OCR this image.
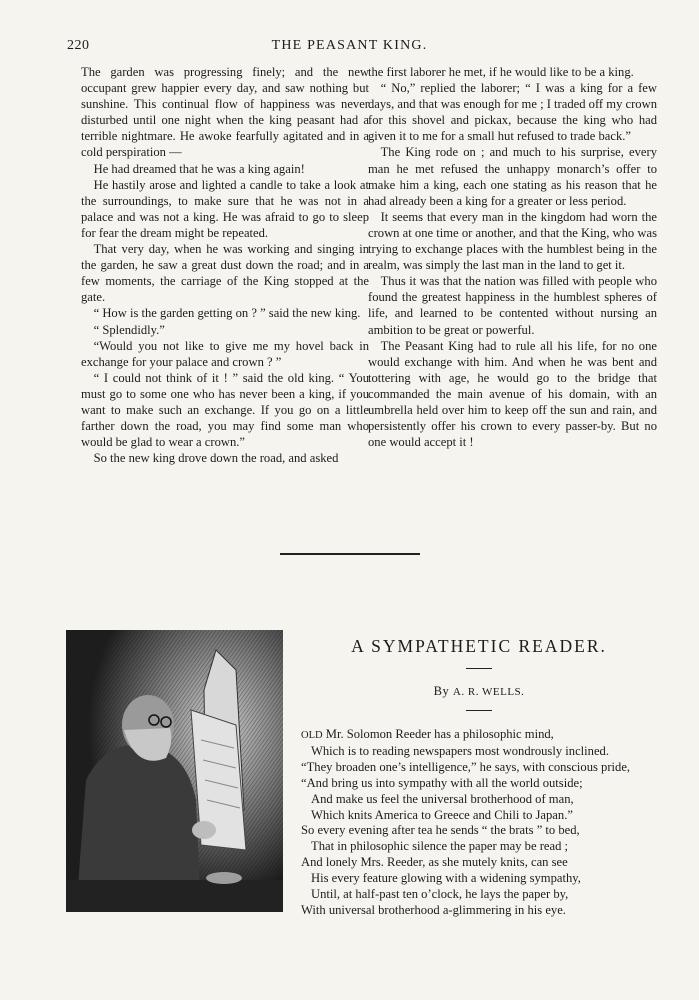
220	THE PEASANT KING.

The garden was progressing finely; and the new occupant grew happier every day, and saw nothing but sunshine. This continual flow of happiness was never disturbed until one night when the king peasant had a terrible nightmare. He awoke fearfully agitated and in a cold perspiration —

He had dreamed that he was a king again!

He hastily arose and lighted a candle to take a look at the surroundings, to make sure that he was not in a palace and was not a king. He was afraid to go to sleep for fear the dream might be repeated.

That very day, when he was working and singing in the garden, he saw a great dust down the road; and in a few moments, the carriage of the King stopped at the gate.

“ How is the garden getting on ? ” said the new king.

“ Splendidly.”

“Would you not like to give me my hovel back in exchange for your palace and crown ? ”

“ I could not think of it ! ” said the old king. “ You must go to some one who has never been a king, if you want to make such an exchange. If you go on a little farther down the road, you may find some man who would be glad to wear a crown.”

So the new king drove down the road, and asked

the first laborer he met, if he would like to be a king.

“ No,” replied the laborer; “ I was a king for a few days, and that was enough for me ; I traded off my crown for this shovel and pickax, because the king who had given it to me for a small hut refused to trade back.”

The King rode on ; and much to his surprise, every man he met refused the unhappy monarch’s offer to make him a king, each one stating as his reason that he had already been a king for a greater or less period.

It seems that every man in the kingdom had worn the crown at one time or another, and that the King, who was trying to exchange places with the humblest being in the realm, was simply the last man in the land to get it.

Thus it was that the nation was filled with people who found the greatest happiness in the humblest spheres of life, and learned to be contented without nursing an ambition to be great or powerful.

The Peasant King had to rule all his life, for no one would exchange with him. And when he was bent and tottering with age, he would go to the bridge that commanded the main avenue of his domain, with an umbrella held over him to keep off the sun and rain, and persistently offer his crown to every passer-by. But no one would accept it !

A SYMPATHETIC READER.
By A. R. WELLS.
OLD Mr. Solomon Reeder has a philosophic mind,
Which is to reading newspapers most wondrously inclined.
“They broaden one’s intelligence,” he says, with conscious pride,
“And bring us into sympathy with all the world outside;
And make us feel the universal brotherhood of man,
Which knits America to Greece and Chili to Japan.”
So every evening after tea he sends “ the brats ” to bed,
That in philosophic silence the paper may be read ;
And lonely Mrs. Reeder, as she mutely knits, can see
His every feature glowing with a widening sympathy,
Until, at half-past ten o’clock, he lays the paper by,
With universal brotherhood a-glimmering in his eye.
